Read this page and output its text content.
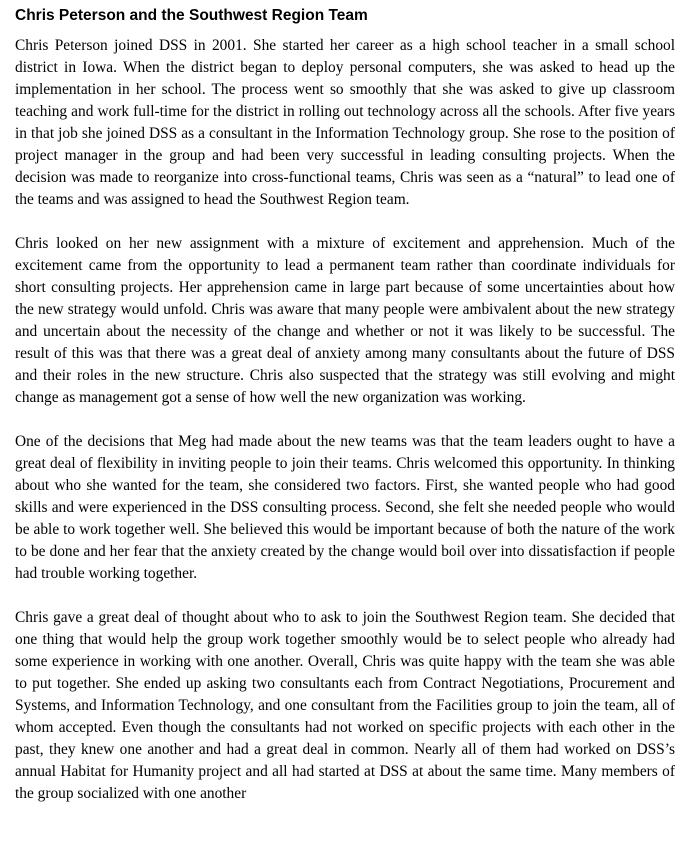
Chris Peterson and the Southwest Region Team

Chris Peterson joined DSS in 2001. She started her career as a high school teacher in a small school district in Iowa. When the district began to deploy personal computers, she was asked to head up the implementation in her school. The process went so smoothly that she was asked to give up classroom teaching and work full-time for the district in rolling out technology across all the schools. After five years in that job she joined DSS as a consultant in the Information Technology group. She rose to the position of project manager in the group and had been very successful in leading consulting projects. When the decision was made to reorganize into cross-functional teams, Chris was seen as a “natural” to lead one of the teams and was assigned to head the Southwest Region team.

Chris looked on her new assignment with a mixture of excitement and apprehension. Much of the excitement came from the opportunity to lead a permanent team rather than coordinate individuals for short consulting projects. Her apprehension came in large part because of some uncertainties about how the new strategy would unfold. Chris was aware that many people were ambivalent about the new strategy and uncertain about the necessity of the change and whether or not it was likely to be successful. The result of this was that there was a great deal of anxiety among many consultants about the future of DSS and their roles in the new structure. Chris also suspected that the strategy was still evolving and might change as management got a sense of how well the new organization was working.

One of the decisions that Meg had made about the new teams was that the team leaders ought to have a great deal of flexibility in inviting people to join their teams. Chris welcomed this opportunity. In thinking about who she wanted for the team, she considered two factors. First, she wanted people who had good skills and were experienced in the DSS consulting process. Second, she felt she needed people who would be able to work together well. She believed this would be important because of both the nature of the work to be done and her fear that the anxiety created by the change would boil over into dissatisfaction if people had trouble working together.

Chris gave a great deal of thought about who to ask to join the Southwest Region team. She decided that one thing that would help the group work together smoothly would be to select people who already had some experience in working with one another. Overall, Chris was quite happy with the team she was able to put together. She ended up asking two consultants each from Contract Negotiations, Procurement and Systems, and Information Technology, and one consultant from the Facilities group to join the team, all of whom accepted. Even though the consultants had not worked on specific projects with each other in the past, they knew one another and had a great deal in common. Nearly all of them had worked on DSS’s annual Habitat for Humanity project and all had started at DSS at about the same time. Many members of the group socialized with one another
